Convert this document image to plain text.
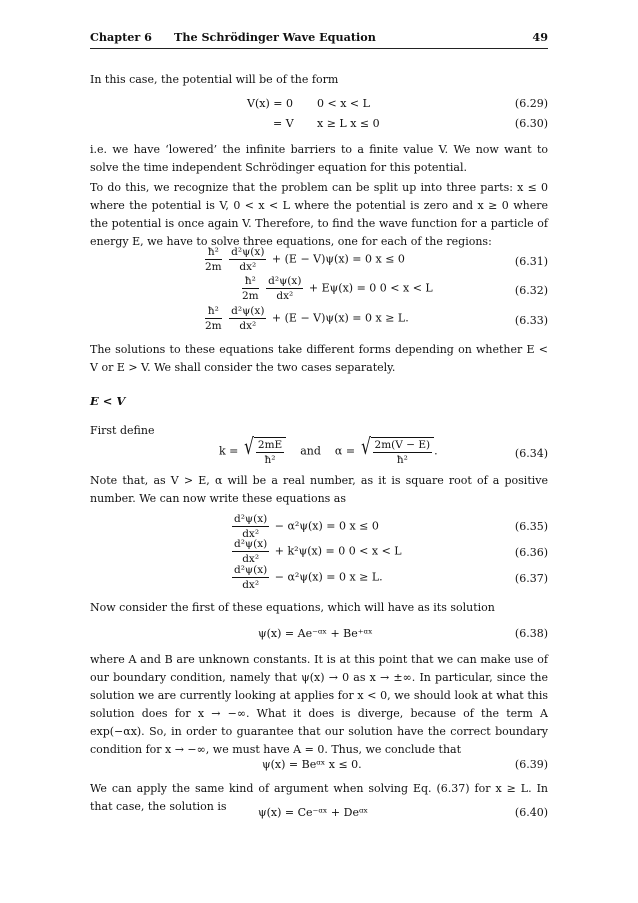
Chapter 6 The Schrödinger Wave Equation	49

In this case, the potential will be of the form

V(x) = 0 0 < x < L	(6.29)
= V x ≥ L x ≤ 0	(6.30)

i.e. we have ‘lowered’ the infinite barriers to a finite value V. We now want to solve the time independent Schrödinger equation for this potential.

To do this, we recognize that the problem can be split up into three parts: x ≤ 0 where the potential is V, 0 < x < L where the potential is zero and x ≥ 0 where the potential is once again V. Therefore, to find the wave function for a particle of energy E, we have to solve three equations, one for each of the regions:

$\frac{\text{ħ²}}{2m}$
$\frac{\text{d²ψ(x)}}{\text{dx²}} + (E - V)\psi(x) = 0$ x ≤ 0	(6.31)
$\frac{\text{ħ²}}{2m}$
$\frac{\text{d²ψ(x)}}{\text{dx²}} + E\psi(x) = 0$ 0 < x < L	(6.32)
$\frac{\text{ħ²}}{2m}$
$\frac{\text{d²ψ(x)}}{\text{dx²}} + (E - V)\psi(x) = 0$ x ≥ L.	(6.33)

The solutions to these equations take different forms depending on whether E < V or E > V. We shall consider the two cases separately.

E < V

First define

k = √ $\frac{2mE}{\text{ħ²}}$ and α = √ $\frac{2m(V - E)}{\text{ħ²}}$ .	(6.34)

Note that, as V > E, α will be a real number, as it is square root of a positive number. We can now write these equations as

$\frac{\text{d²ψ(x)}}{\text{dx²}} - \alpha^2\psi(x) = 0$ x ≤ 0	(6.35)
$\frac{\text{d²ψ(x)}}{\text{dx²}} + k^2\psi(x) = 0$ 0 < x < L	(6.36)
$\frac{\text{d²ψ(x)}}{\text{dx²}} - \alpha^2\psi(x) = 0$ x ≥ L.	(6.37)

Now consider the first of these equations, which will have as its solution

ψ(x) = Ae⁻ᵅˣ + Be⁺ᵅˣ	(6.38)

where A and B are unknown constants. It is at this point that we can make use of our boundary condition, namely that ψ(x) → 0 as x → ±∞. In particular, since the solution we are currently looking at applies for x < 0, we should look at what this solution does for x → −∞. What it does is diverge, because of the term A exp(−αx). So, in order to guarantee that our solution have the correct boundary condition for x → −∞, we must have A = 0. Thus, we conclude that

ψ(x) = Beᵅˣ x ≤ 0.	(6.39)

We can apply the same kind of argument when solving Eq. (6.37) for x ≥ L. In that case, the solution is	ψ(x) = Ce⁻ᵅˣ + Deᵅˣ	(6.40)
